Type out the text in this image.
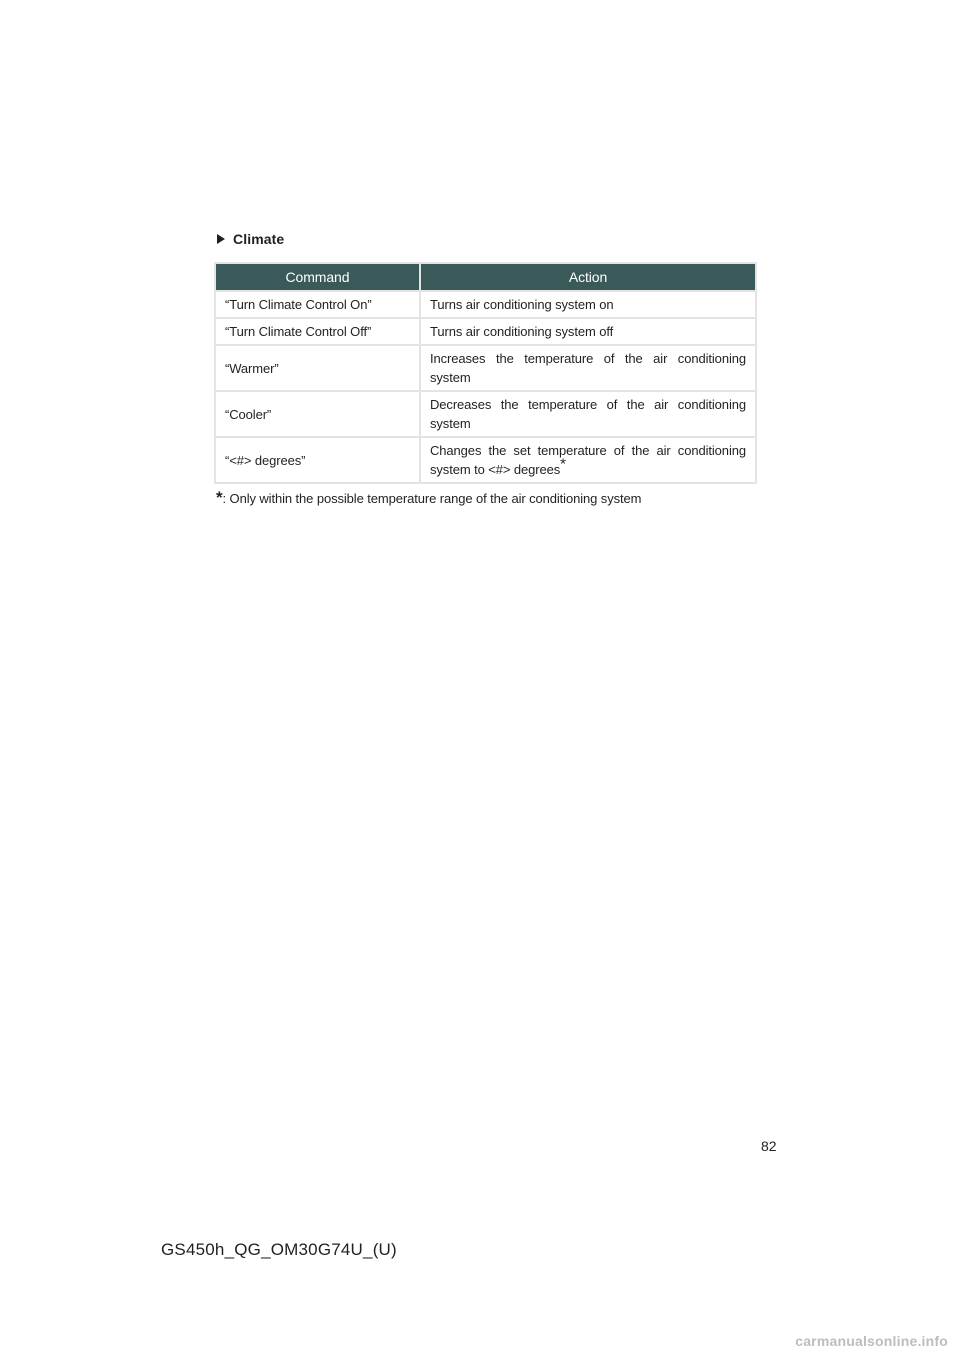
Climate
Command	Action
“Turn Climate Control On”	Turns air conditioning system on
“Turn Climate Control Off”	Turns air conditioning system off
“Warmer”	Increases the temperature of the air conditioning system
“Cooler”	Decreases the temperature of the air conditioning system
“<#> degrees”	Changes the set temperature of the air conditioning system to <#> degrees*
*: Only within the possible temperature range of the air conditioning system
82
GS450h_QG_OM30G74U_(U)
carmanualsonline.info
